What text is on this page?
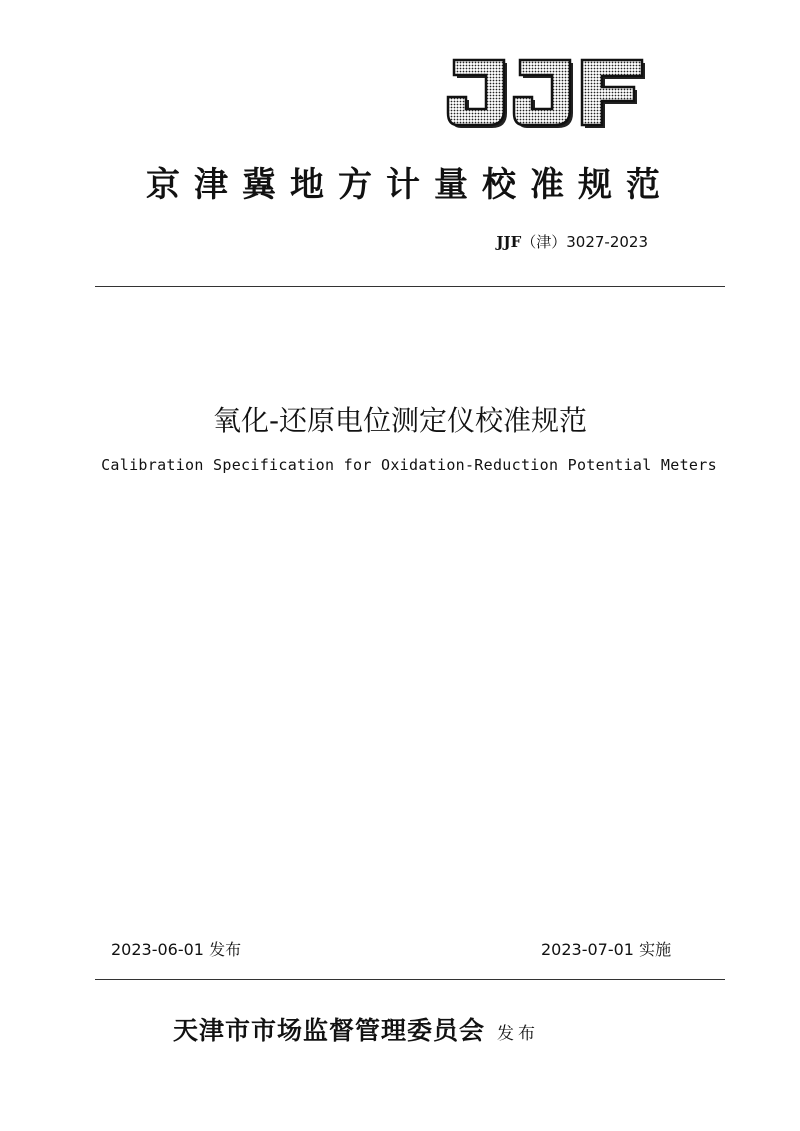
京津冀地方计量校准规范
JJF（津）3027-2023
氧化-还原电位测定仪校准规范
Calibration Specification for Oxidation-Reduction Potential Meters
2023-06-01 发布	2023-07-01 实施
天津市市场监督管理委员会 发布
